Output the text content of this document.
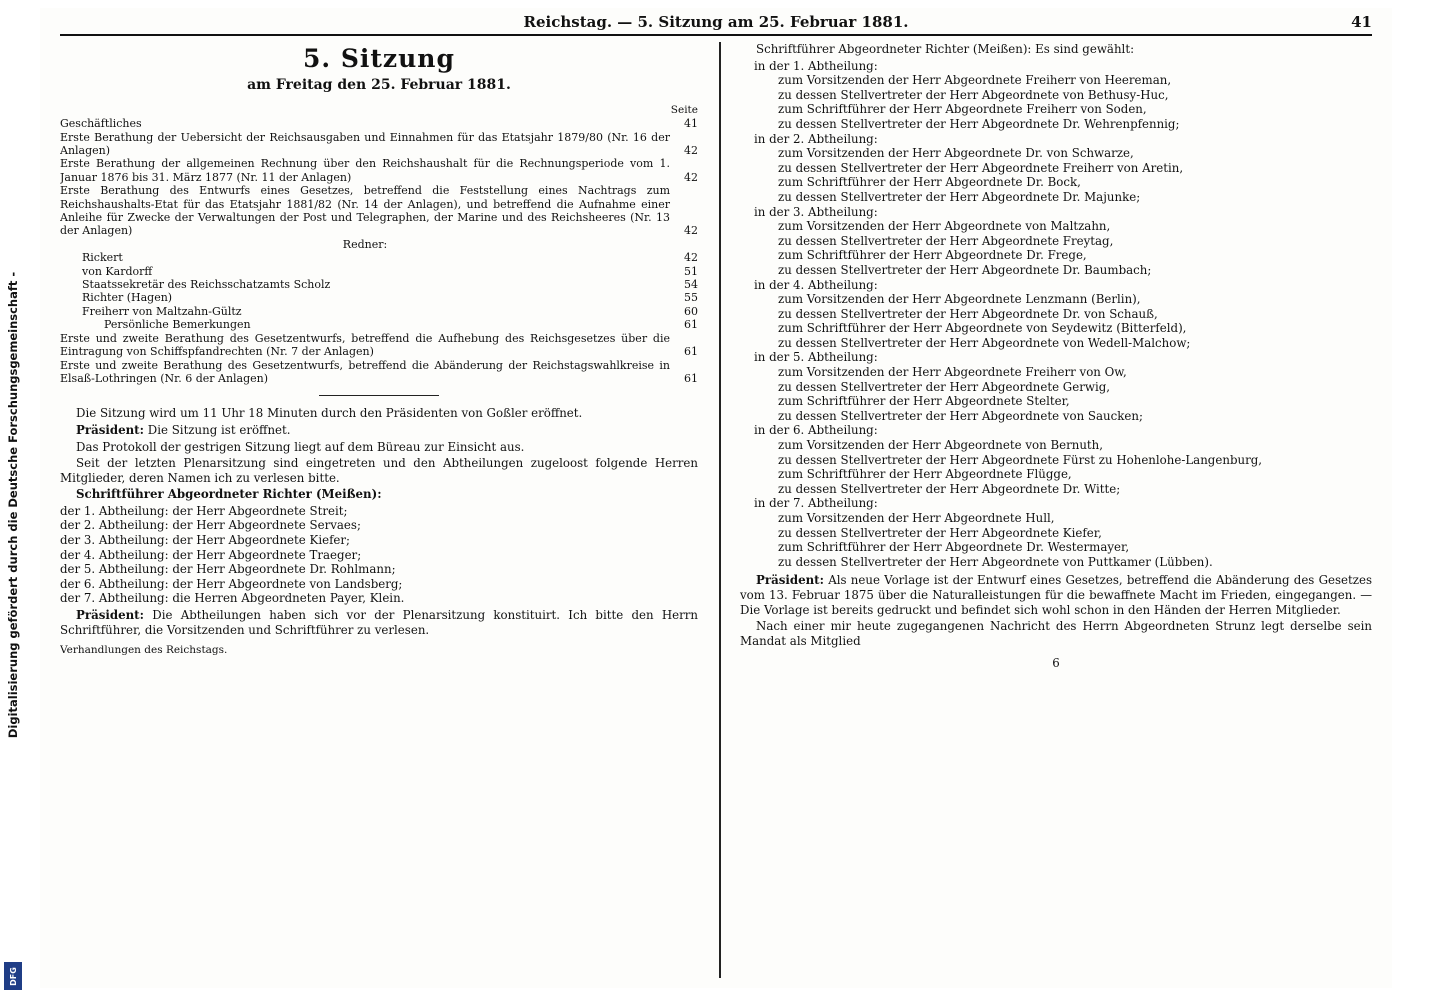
Digitalisierung gefördert durch die Deutsche Forschungsgemeinschaft -
DFG
Reichstag. — 5. Sitzung am 25. Februar 1881.	41
5. Sitzung
am Freitag den 25. Februar 1881.
Seite
Geschäftliches	41
Erste Berathung der Uebersicht der Reichsausgaben und Einnahmen für das Etatsjahr 1879/80 (Nr. 16 der Anlagen)	42
Erste Berathung der allgemeinen Rechnung über den Reichshaushalt für die Rechnungsperiode vom 1. Januar 1876 bis 31. März 1877 (Nr. 11 der Anlagen)	42
Erste Berathung des Entwurfs eines Gesetzes, betreffend die Feststellung eines Nachtrags zum Reichshaushalts-Etat für das Etatsjahr 1881/82 (Nr. 14 der Anlagen), und betreffend die Aufnahme einer Anleihe für Zwecke der Verwaltungen der Post und Telegraphen, der Marine und des Reichsheeres (Nr. 13 der Anlagen)	42
Redner:
Rickert	42
von Kardorff	51
Staatssekretär des Reichsschatzamts Scholz	54
Richter (Hagen)	55
Freiherr von Maltzahn-Gültz	60
Persönliche Bemerkungen	61
Erste und zweite Berathung des Gesetzentwurfs, betreffend die Aufhebung des Reichsgesetzes über die Eintragung von Schiffspfandrechten (Nr. 7 der Anlagen)	61
Erste und zweite Berathung des Gesetzentwurfs, betreffend die Abänderung der Reichstagswahlkreise in Elsaß-Lothringen (Nr. 6 der Anlagen)	61

Die Sitzung wird um 11 Uhr 18 Minuten durch den Präsidenten von Goßler eröffnet.

Präsident: Die Sitzung ist eröffnet.

Das Protokoll der gestrigen Sitzung liegt auf dem Büreau zur Einsicht aus.

Seit der letzten Plenarsitzung sind eingetreten und den Abtheilungen zugeloost folgende Herren Mitglieder, deren Namen ich zu verlesen bitte.

Schriftführer Abgeordneter Richter (Meißen):

der 1. Abtheilung: der Herr Abgeordnete Streit;
der 2. Abtheilung: der Herr Abgeordnete Servaes;
der 3. Abtheilung: der Herr Abgeordnete Kiefer;
der 4. Abtheilung: der Herr Abgeordnete Traeger;
der 5. Abtheilung: der Herr Abgeordnete Dr. Rohlmann;
der 6. Abtheilung: der Herr Abgeordnete von Landsberg;
der 7. Abtheilung: die Herren Abgeordneten Payer, Klein.

Präsident: Die Abtheilungen haben sich vor der Plenarsitzung konstituirt. Ich bitte den Herrn Schriftführer, die Vorsitzenden und Schriftführer zu verlesen.

Verhandlungen des Reichstags.

Schriftführer Abgeordneter Richter (Meißen): Es sind gewählt:

in der 1. Abtheilung:
zum Vorsitzenden der Herr Abgeordnete Freiherr von Heereman,
zu dessen Stellvertreter der Herr Abgeordnete von Bethusy-Huc,
zum Schriftführer der Herr Abgeordnete Freiherr von Soden,
zu dessen Stellvertreter der Herr Abgeordnete Dr. Wehrenpfennig;
in der 2. Abtheilung:
zum Vorsitzenden der Herr Abgeordnete Dr. von Schwarze,
zu dessen Stellvertreter der Herr Abgeordnete Freiherr von Aretin,
zum Schriftführer der Herr Abgeordnete Dr. Bock,
zu dessen Stellvertreter der Herr Abgeordnete Dr. Majunke;
in der 3. Abtheilung:
zum Vorsitzenden der Herr Abgeordnete von Maltzahn,
zu dessen Stellvertreter der Herr Abgeordnete Freytag,
zum Schriftführer der Herr Abgeordnete Dr. Frege,
zu dessen Stellvertreter der Herr Abgeordnete Dr. Baumbach;
in der 4. Abtheilung:
zum Vorsitzenden der Herr Abgeordnete Lenzmann (Berlin),
zu dessen Stellvertreter der Herr Abgeordnete Dr. von Schauß,
zum Schriftführer der Herr Abgeordnete von Seydewitz (Bitterfeld),
zu dessen Stellvertreter der Herr Abgeordnete von Wedell-Malchow;
in der 5. Abtheilung:
zum Vorsitzenden der Herr Abgeordnete Freiherr von Ow,
zu dessen Stellvertreter der Herr Abgeordnete Gerwig,
zum Schriftführer der Herr Abgeordnete Stelter,
zu dessen Stellvertreter der Herr Abgeordnete von Saucken;
in der 6. Abtheilung:
zum Vorsitzenden der Herr Abgeordnete von Bernuth,
zu dessen Stellvertreter der Herr Abgeordnete Fürst zu Hohenlohe-Langenburg,
zum Schriftführer der Herr Abgeordnete Flügge,
zu dessen Stellvertreter der Herr Abgeordnete Dr. Witte;
in der 7. Abtheilung:
zum Vorsitzenden der Herr Abgeordnete Hull,
zu dessen Stellvertreter der Herr Abgeordnete Kiefer,
zum Schriftführer der Herr Abgeordnete Dr. Westermayer,
zu dessen Stellvertreter der Herr Abgeordnete von Puttkamer (Lübben).

Präsident: Als neue Vorlage ist der Entwurf eines Gesetzes, betreffend die Abänderung des Gesetzes vom 13. Februar 1875 über die Naturalleistungen für die bewaffnete Macht im Frieden, eingegangen. — Die Vorlage ist bereits gedruckt und befindet sich wohl schon in den Händen der Herren Mitglieder.

Nach einer mir heute zugegangenen Nachricht des Herrn Abgeordneten Strunz legt derselbe sein Mandat als Mitglied

6
